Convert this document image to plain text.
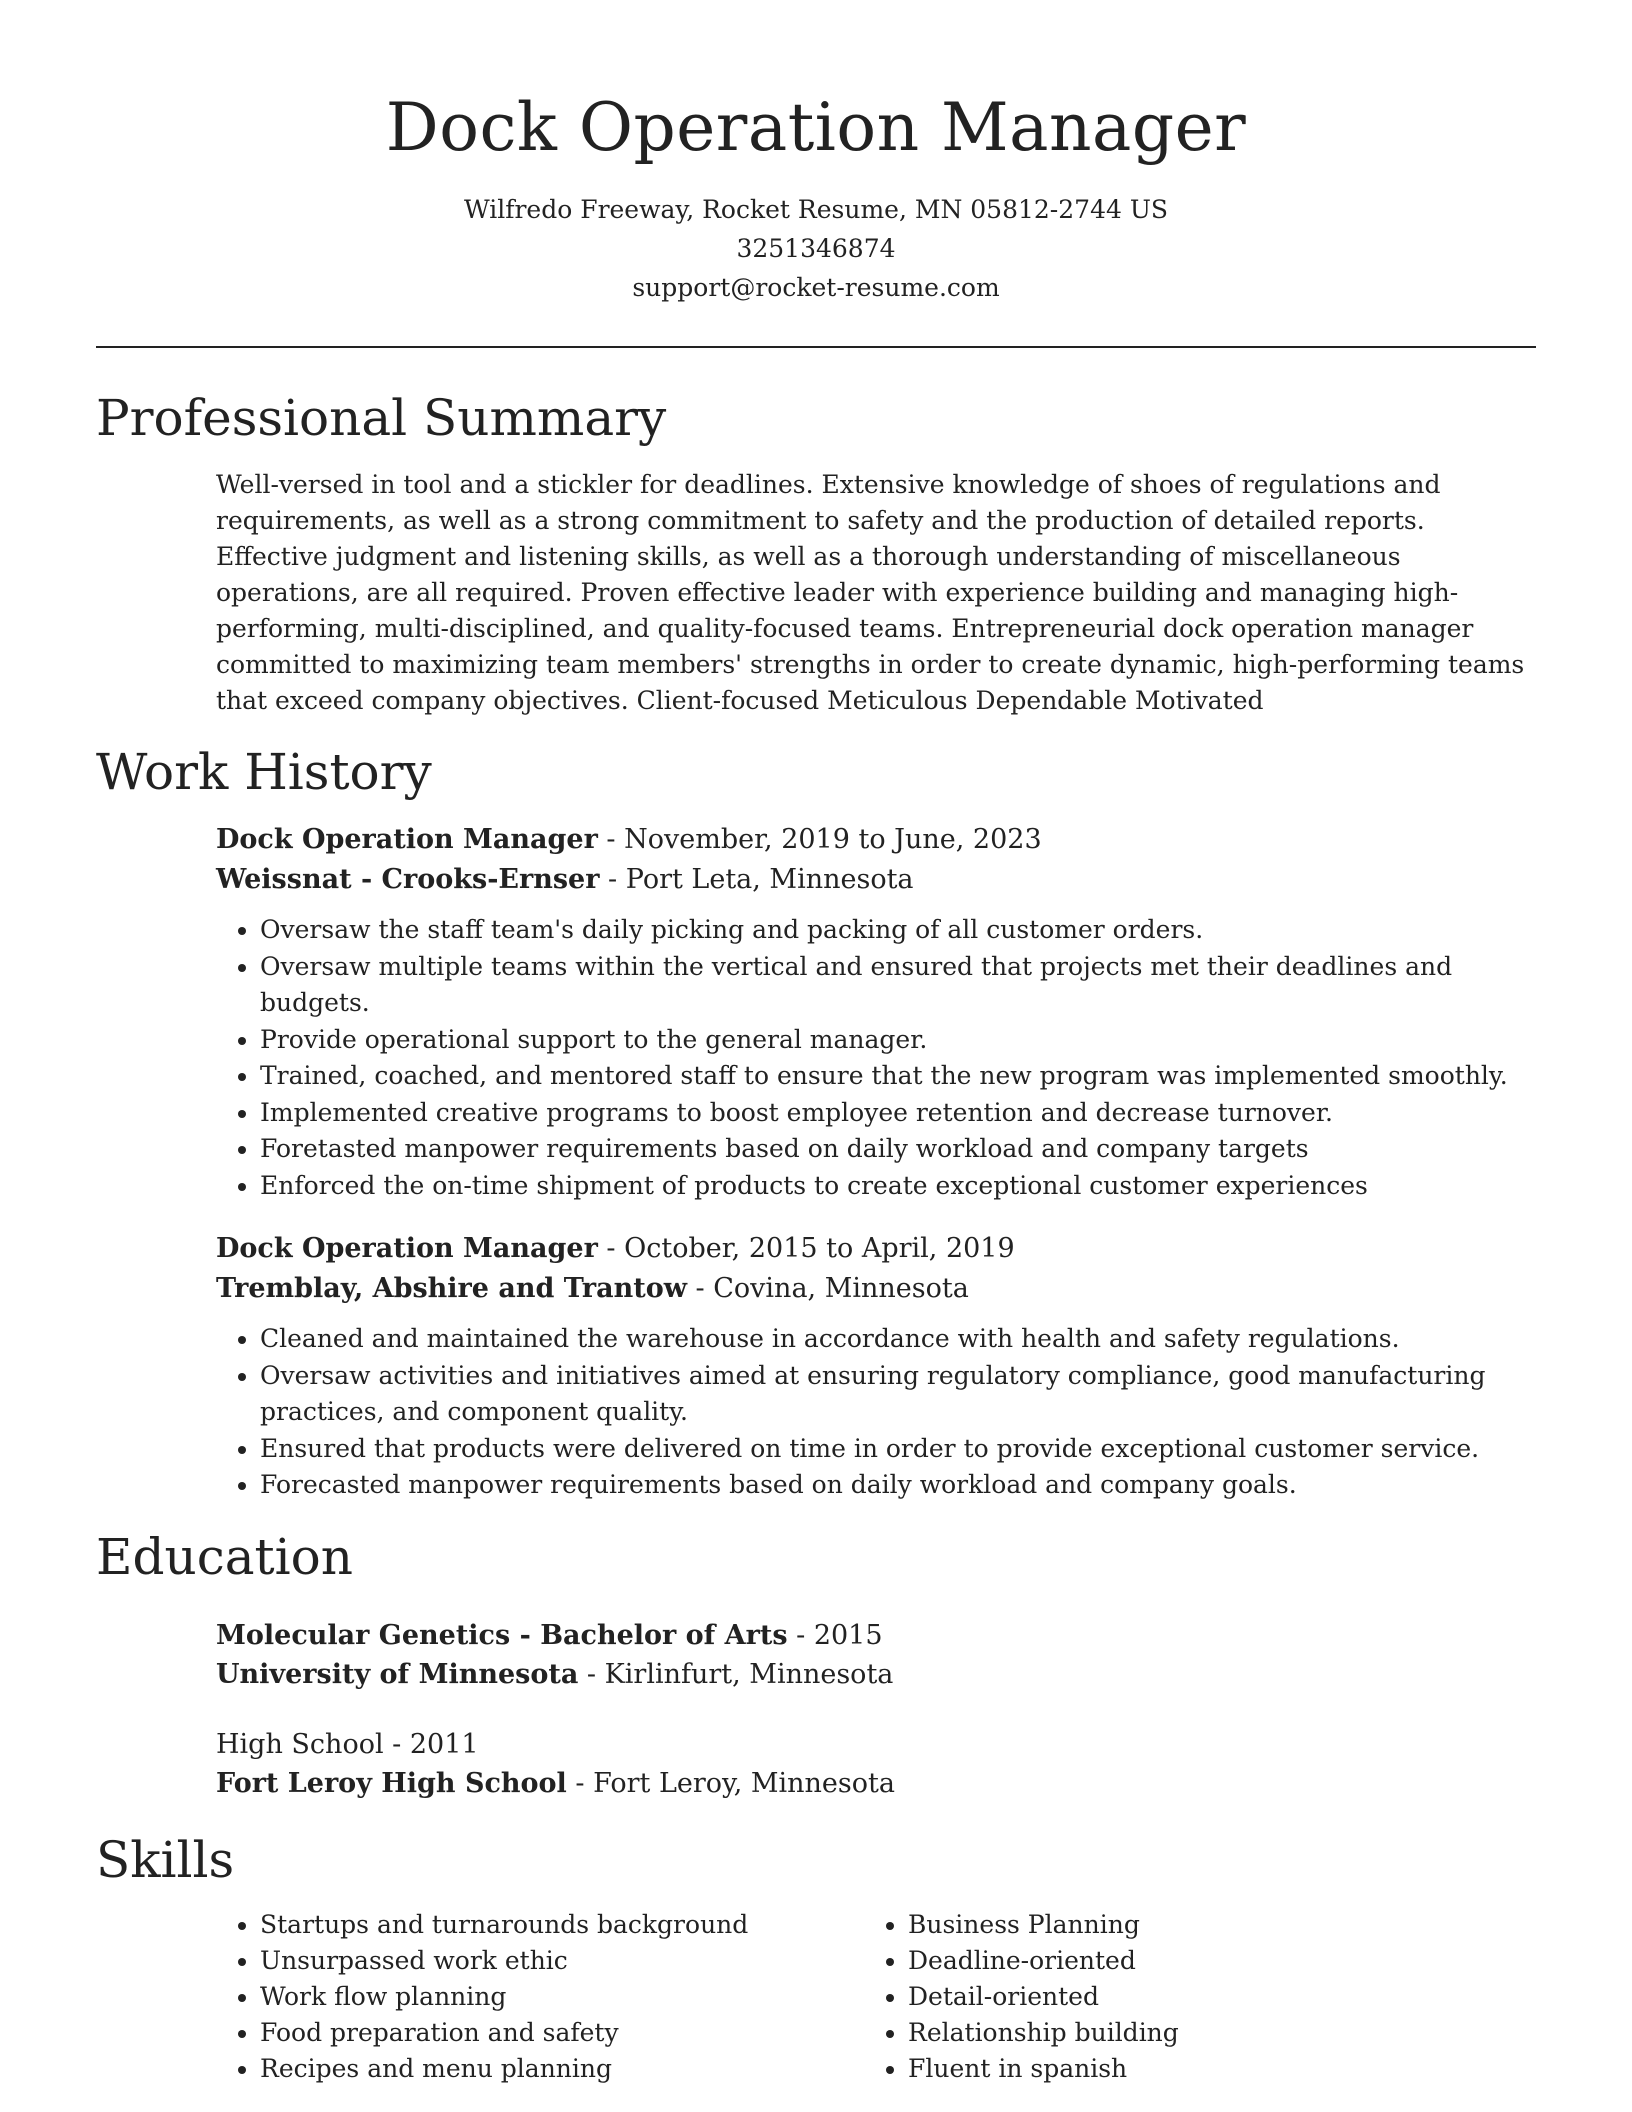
Dock Operation Manager
Wilfredo Freeway, Rocket Resume, MN 05812-2744 US
3251346874
support@rocket-resume.com
Professional Summary

Well-versed in tool and a stickler for deadlines. Extensive knowledge of shoes of regulations and requirements, as well as a strong commitment to safety and the production of detailed reports. Effective judgment and listening skills, as well as a thorough understanding of miscellaneous operations, are all required. Proven effective leader with experience building and managing high-performing, multi-disciplined, and quality-focused teams. Entrepreneurial dock operation manager committed to maximizing team members' strengths in order to create dynamic, high-performing teams that exceed company objectives. Client-focused Meticulous Dependable Motivated

Work History
Dock Operation Manager - November, 2019 to June, 2023
Weissnat - Crooks-Ernser - Port Leta, Minnesota
• Oversaw the staff team's daily picking and packing of all customer orders.
• Oversaw multiple teams within the vertical and ensured that projects met their deadlines and budgets.
• Provide operational support to the general manager.
• Trained, coached, and mentored staff to ensure that the new program was implemented smoothly.
• Implemented creative programs to boost employee retention and decrease turnover.
• Foretasted manpower requirements based on daily workload and company targets
• Enforced the on-time shipment of products to create exceptional customer experiences
Dock Operation Manager - October, 2015 to April, 2019
Tremblay, Abshire and Trantow - Covina, Minnesota
• Cleaned and maintained the warehouse in accordance with health and safety regulations.
• Oversaw activities and initiatives aimed at ensuring regulatory compliance, good manufacturing practices, and component quality.
• Ensured that products were delivered on time in order to provide exceptional customer service.
• Forecasted manpower requirements based on daily workload and company goals.
Education
Molecular Genetics - Bachelor of Arts - 2015
University of Minnesota - Kirlinfurt, Minnesota
High School - 2011
Fort Leroy High School - Fort Leroy, Minnesota
Skills
• Startups and turnarounds background
• Unsurpassed work ethic
• Work flow planning
• Food preparation and safety
• Recipes and menu planning
• Business Planning
• Deadline-oriented
• Detail-oriented
• Relationship building
• Fluent in spanish
